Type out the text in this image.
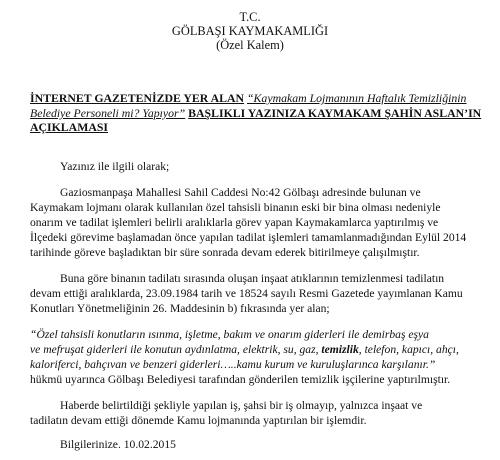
T.C.
GÖLBAŞI KAYMAKAMLIĞI
(Özel Kalem)
İNTERNET GAZETENİZDE YER ALAN “Kaymakam Lojmanının Haftalık Temizliğinin Belediye Personeli mi? Yapıyor” BAŞLIKLI YAZINIZA KAYMAKAM ŞAHİN ASLAN’IN AÇIKLAMASI
Yazınız ile ilgili olarak;
Gaziosmanpaşa Mahallesi Sahil Caddesi No:42 Gölbaşı adresinde bulunan ve
Kaymakam lojmanı olarak kullanılan özel tahsisli binanın eski bir bina olması nedeniyle
onarım ve tadilat işlemleri belirli aralıklarla görev yapan Kaymakamlarca yaptırılmış ve
İlçedeki görevime başlamadan önce yapılan tadilat işlemleri tamamlanmadığından Eylül 2014
tarihinde göreve başladıktan bir süre sonrada devam ederek bitirilmeye çalışılmıştır.
Buna göre binanın tadilatı sırasında oluşan inşaat atıklarının temizlenmesi tadilatın
devam ettiği aralıklarda, 23.09.1984 tarih ve 18524 sayılı Resmi Gazetede yayımlanan Kamu
Konutları Yönetmeliğinin 26. Maddesinin b) fıkrasında yer alan;
“Özel tahsisli konutların ısınma, işletme, bakım ve onarım giderleri ile demirbaş eşya
ve mefruşat giderleri ile konutun aydınlatma, elektrik, su, gaz, temizlik, telefon, kapıcı, ahçı,
kaloriferci, bahçıvan ve benzeri giderleri…..kamu kurum ve kuruluşlarınca karşılanır.”
hükmü uyarınca Gölbaşı Belediyesi tarafından gönderilen temizlik işçilerine yaptırılmıştır.
Haberde belirtildiği şekliyle yapılan iş, şahsi bir iş olmayıp, yalnızca inşaat ve
tadilatın devam ettiği dönemde Kamu lojmanında yaptırılan bir işlemdir.
Bilgilerinize. 10.02.2015
